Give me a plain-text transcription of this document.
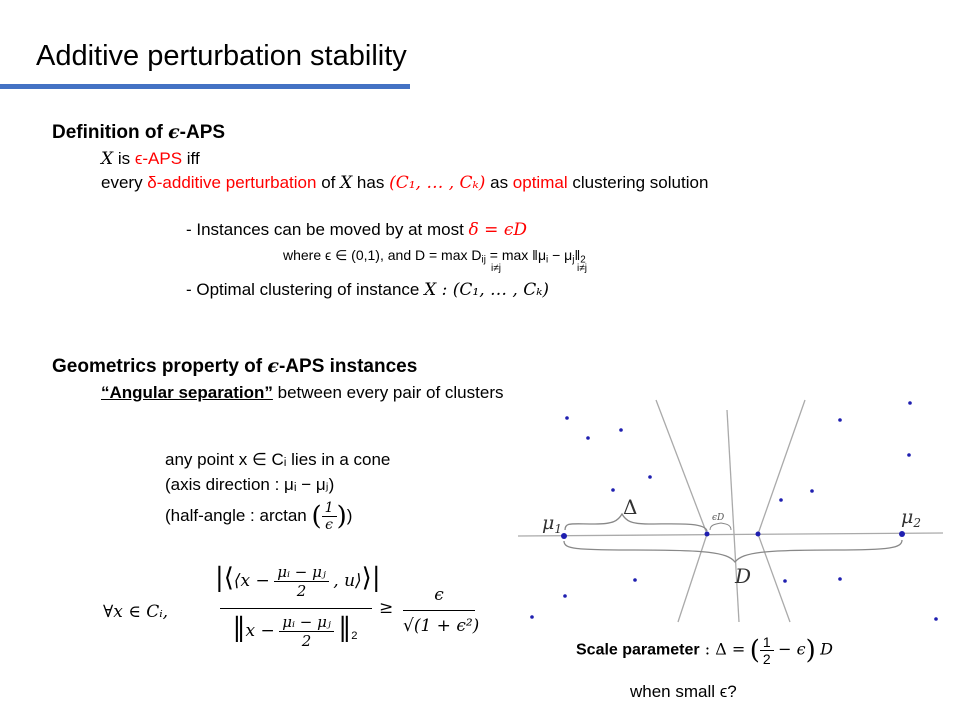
Additive perturbation stability
Definition of ϵ-APS
X is ϵ-APS iff
every δ-additive perturbation of X has (C₁, … , Cₖ) as optimal clustering solution
- Instances can be moved by at most δ = ϵD
where ϵ ∈ (0,1), and $D = \max D_{ij} = \max$ $‖\mu_i$ − $\mu_j‖_2$
i≠j	i≠j
- Optimal clustering of instance X : (C₁, … , Cₖ)
Geometrics property of ϵ-APS instances
“Angular separation” between every pair of clusters
any point x ∈ Cᵢ lies in a cone
(axis direction : μᵢ − μⱼ)
(half-angle : arctan ( $\frac{1}{\epsilon}$ ))
∀x ∈ Cᵢ,
|⟨⟨x − $\frac{\text{μᵢ − μⱼ}}{2}$ , u⟩⟩|
‖x − $\frac{\text{μᵢ − μⱼ}}{2}$ $‖_2$
≥
ϵ
√(1 + ϵ²)
$\mu_1$
$\mu_2$
Δ	ϵD
D
Scale parameter : Δ = ( $\frac{1}{2} - \epsilon$) D
when small ϵ?
